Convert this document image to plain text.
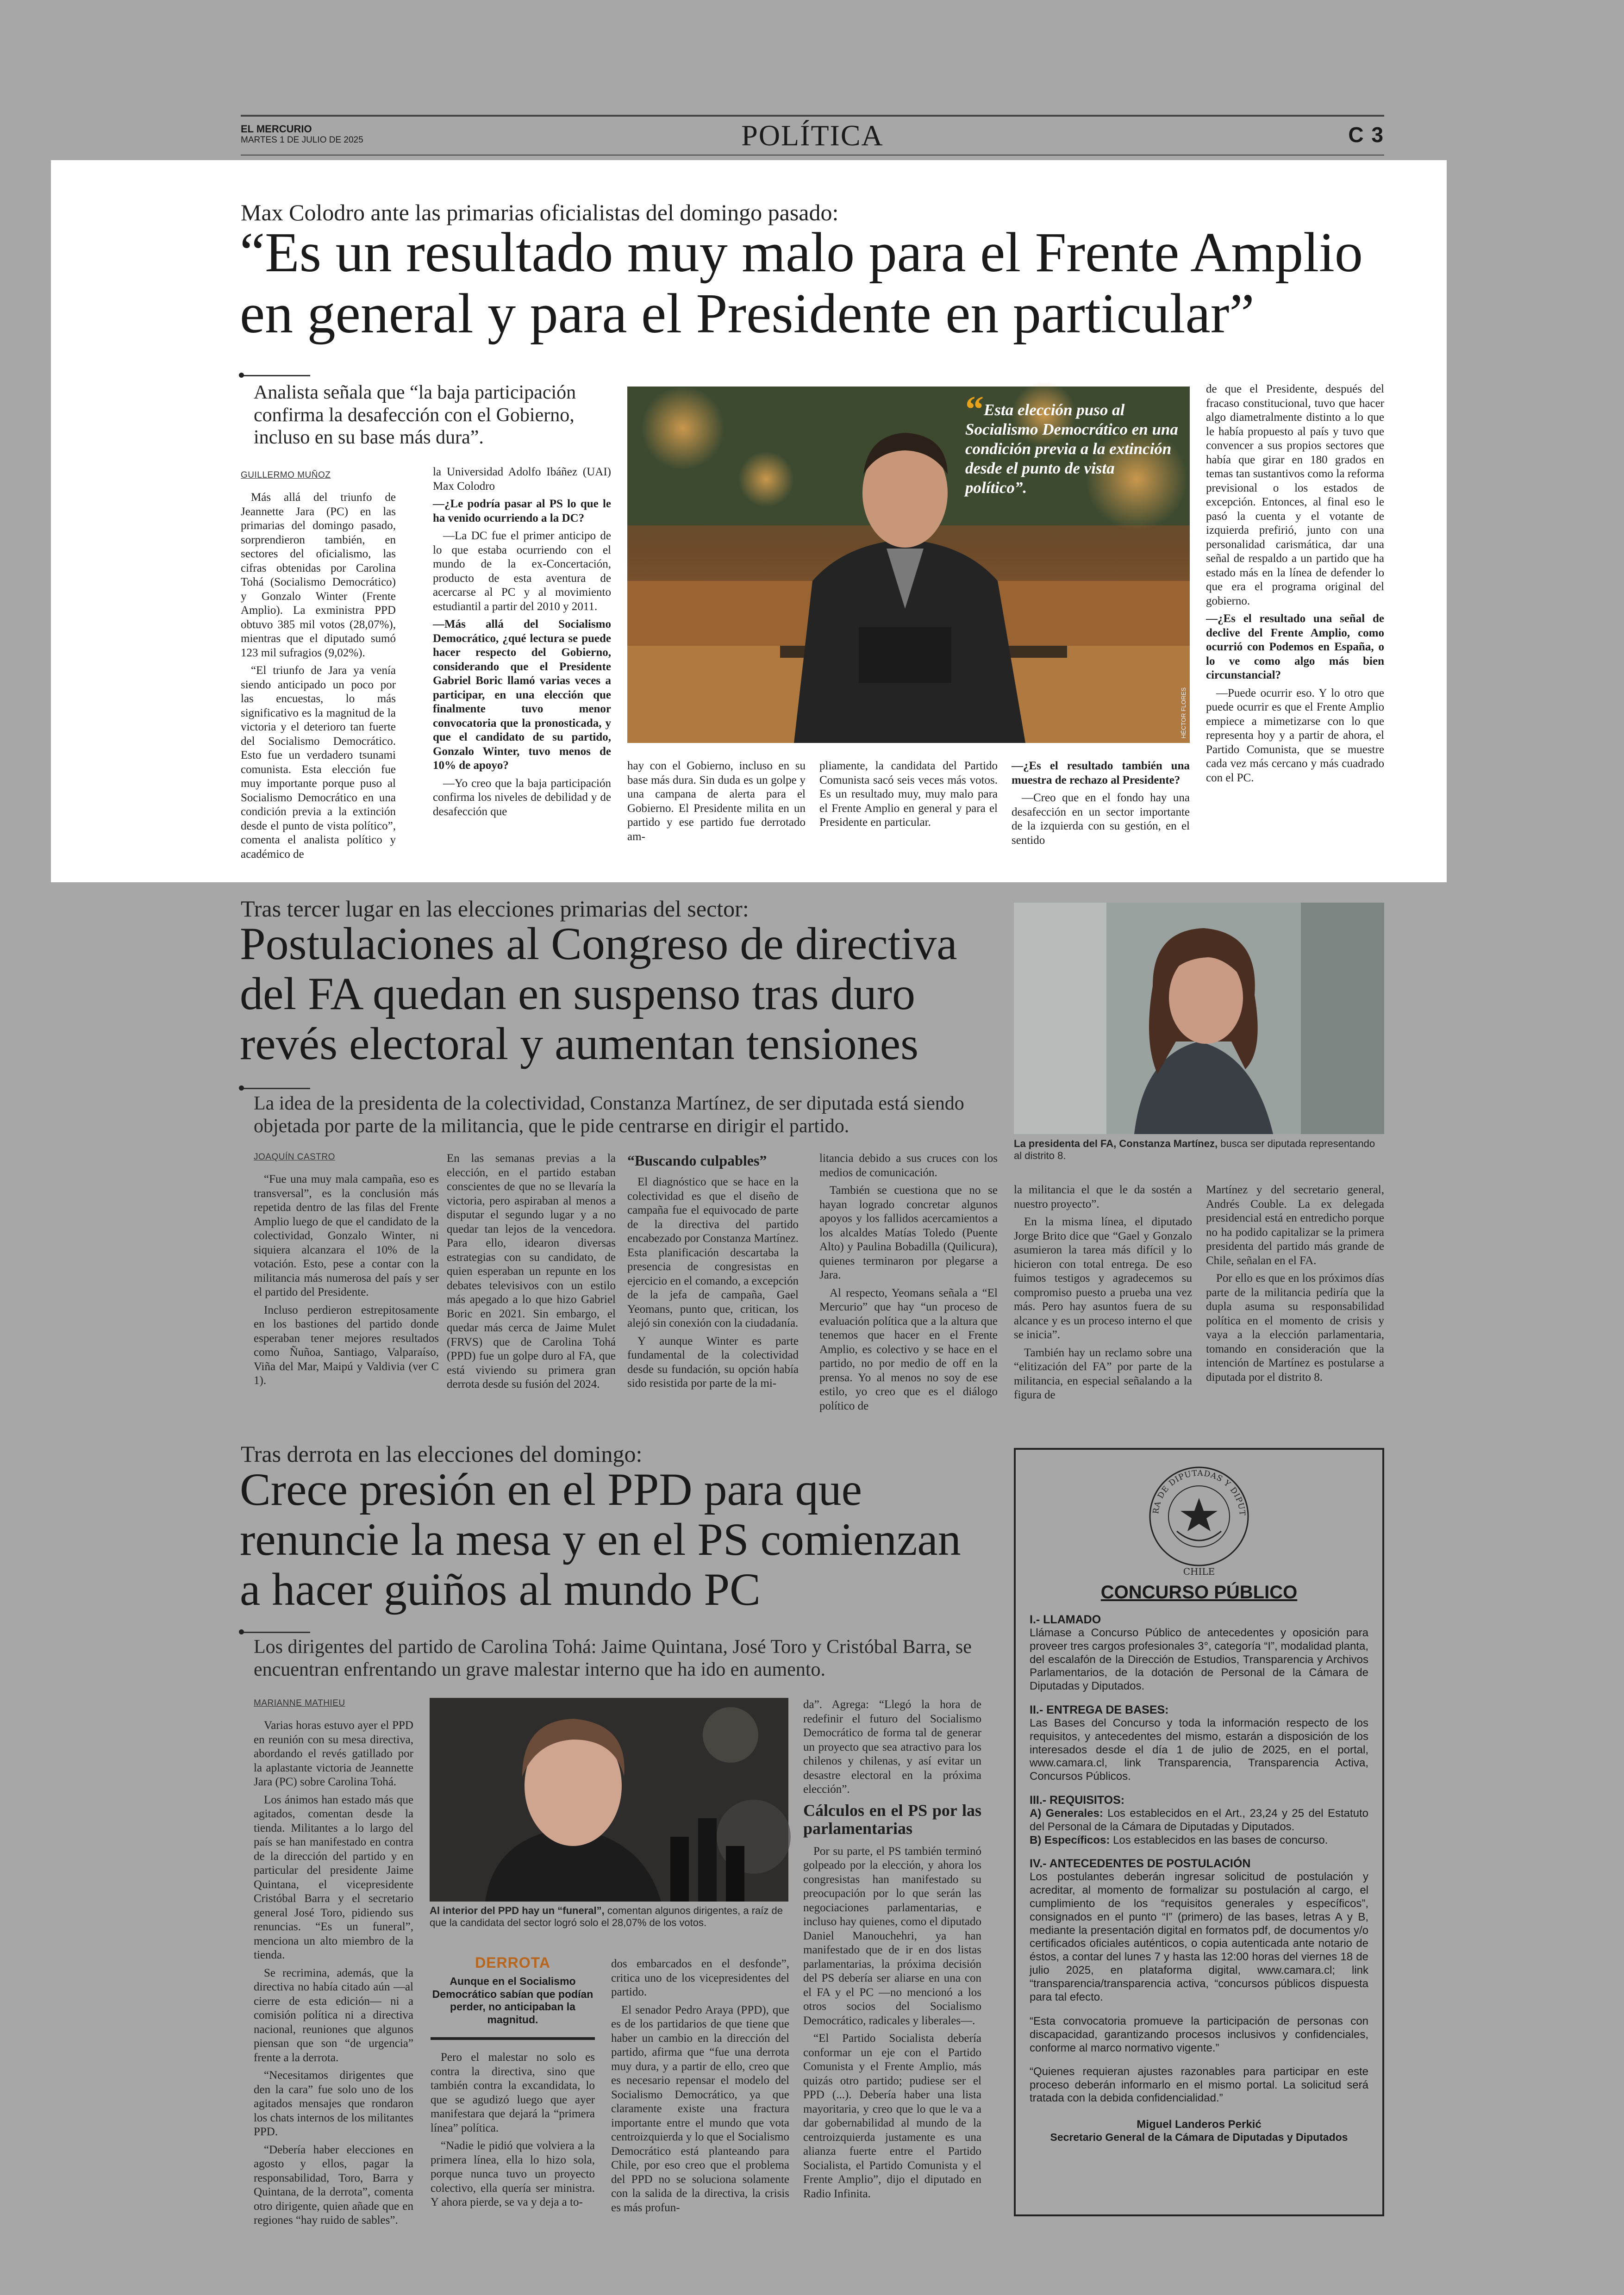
EL MERCURIO
MARTES 1 DE JULIO DE 2025	POLÍTICA	C 3
Max Colodro ante las primarias oficialistas del domingo pasado:
“Es un resultado muy malo para el Frente Amplio
en general y para el Presidente en particular”
Analista señala que “la baja participación confirma la desafección con el Gobierno, incluso en su base más dura”.
“Esta elección puso al Socialismo Democrático en una condición previa a la extinción desde el punto de vista político”.
HÉCTOR FLORES
GUILLERMO MUÑOZ

Más allá del triunfo de Jeannette Jara (PC) en las primarias del domingo pasado, sorprendieron también, en sectores del oficialismo, las cifras obtenidas por Carolina Tohá (Socialismo Democrático) y Gonzalo Winter (Frente Amplio). La exministra PPD obtuvo 385 mil votos (28,07%), mientras que el diputado sumó 123 mil sufragios (9,02%).

“El triunfo de Jara ya venía siendo anticipado un poco por las encuestas, lo más significativo es la magnitud de la victoria y el deterioro tan fuerte del Socialismo Democrático. Esto fue un verdadero tsunami comunista. Esta elección fue muy importante porque puso al Socialismo Democrático en una condición previa a la extinción desde el punto de vista político”, comenta el analista político y académico de

la Universidad Adolfo Ibáñez (UAI) Max Colodro

—¿Le podría pasar al PS lo que le ha venido ocurriendo a la DC?

—La DC fue el primer anticipo de lo que estaba ocurriendo con el mundo de la ex-Concertación, producto de esta aventura de acercarse al PC y al movimiento estudiantil a partir del 2010 y 2011.

—Más allá del Socialismo Democrático, ¿qué lectura se puede hacer respecto del Gobierno, considerando que el Presidente Gabriel Boric llamó varias veces a participar, en una elección que finalmente tuvo menor convocatoria que la pronosticada, y que el candidato de su partido, Gonzalo Winter, tuvo menos de 10% de apoyo?

—Yo creo que la baja participación confirma los niveles de debilidad y de desafección que

hay con el Gobierno, incluso en su base más dura. Sin duda es un golpe y una campana de alerta para el Gobierno. El Presidente milita en un partido y ese partido fue derrotado am-

pliamente, la candidata del Partido Comunista sacó seis veces más votos. Es un resultado muy, muy malo para el Frente Amplio en general y para el Presidente en particular.

—¿Es el resultado también una muestra de rechazo al Presidente?

—Creo que en el fondo hay una desafección en un sector importante de la izquierda con su gestión, en el sentido

de que el Presidente, después del fracaso constitucional, tuvo que hacer algo diametralmente distinto a lo que le había propuesto al país y tuvo que convencer a sus propios sectores que había que girar en 180 grados en temas tan sustantivos como la reforma previsional o los estados de excepción. Entonces, al final eso le pasó la cuenta y el votante de izquierda prefirió, junto con una personalidad carismática, dar una señal de respaldo a un partido que ha estado más en la línea de defender lo que era el programa original del gobierno.

—¿Es el resultado una señal de declive del Frente Amplio, como ocurrió con Podemos en España, o lo ve como algo más bien circunstancial?

—Puede ocurrir eso. Y lo otro que puede ocurrir es que el Frente Amplio empiece a mimetizarse con lo que representa hoy y a partir de ahora, el Partido Comunista, que se muestre cada vez más cercano y más cuadrado con el PC.

Tras tercer lugar en las elecciones primarias del sector:
Postulaciones al Congreso de directiva
del FA quedan en suspenso tras duro
revés electoral y aumentan tensiones
La idea de la presidenta de la colectividad, Constanza Martínez, de ser diputada está siendo objetada por parte de la militancia, que le pide centrarse en dirigir el partido.

La presidenta del FA, Constanza Martínez, busca ser diputada representando al distrito 8.
JOAQUÍN CASTRO

“Fue una muy mala campaña, eso es transversal”, es la conclusión más repetida dentro de las filas del Frente Amplio luego de que el candidato de la colectividad, Gonzalo Winter, ni siquiera alcanzara el 10% de la votación. Esto, pese a contar con la militancia más numerosa del país y ser el partido del Presidente.

Incluso perdieron estrepitosamente en los bastiones del partido donde esperaban tener mejores resultados como Ñuñoa, Santiago, Valparaíso, Viña del Mar, Maipú y Valdivia (ver C 1).

En las semanas previas a la elección, en el partido estaban conscientes de que no se llevaría la victoria, pero aspiraban al menos a disputar el segundo lugar y a no quedar tan lejos de la vencedora. Para ello, idearon diversas estrategias con su candidato, de quien esperaban un repunte en los debates televisivos con un estilo más apegado a lo que hizo Gabriel Boric en 2021. Sin embargo, el quedar más cerca de Jaime Mulet (FRVS) que de Carolina Tohá (PPD) fue un golpe duro al FA, que está viviendo su primera gran derrota desde su fusión del 2024.

“Buscando culpables”

El diagnóstico que se hace en la colectividad es que el diseño de campaña fue el equivocado de parte de la directiva del partido encabezado por Constanza Martínez. Esta planificación descartaba la presencia de congresistas en ejercicio en el comando, a excepción de la jefa de campaña, Gael Yeomans, punto que, critican, los alejó sin conexión con la ciudadanía.

Y aunque Winter es parte fundamental de la colectividad desde su fundación, su opción había sido resistida por parte de la mi-

litancia debido a sus cruces con los medios de comunicación.

También se cuestiona que no se hayan logrado concretar algunos apoyos y los fallidos acercamientos a los alcaldes Matías Toledo (Puente Alto) y Paulina Bobadilla (Quilicura), quienes terminaron por plegarse a Jara.

Al respecto, Yeomans señala a “El Mercurio” que hay “un proceso de evaluación política que a la altura que tenemos que hacer en el Frente Amplio, es colectivo y se hace en el partido, no por medio de off en la prensa. Yo al menos no soy de ese estilo, yo creo que es el diálogo político de

la militancia el que le da sostén a nuestro proyecto”.

En la misma línea, el diputado Jorge Brito dice que “Gael y Gonzalo asumieron la tarea más difícil y lo hicieron con total entrega. De eso fuimos testigos y agradecemos su compromiso puesto a prueba una vez más. Pero hay asuntos fuera de su alcance y es un proceso interno el que se inicia”.

También hay un reclamo sobre una “elitización del FA” por parte de la militancia, en especial señalando a la figura de

Martínez y del secretario general, Andrés Couble. La ex delegada presidencial está en entredicho porque no ha podido capitalizar se la primera presidenta del partido más grande de Chile, señalan en el FA.

Por ello es que en los próximos días parte de la militancia pediría que la dupla asuma su responsabilidad política en el momento de crisis y vaya a la elección parlamentaria, tomando en consideración que la intención de Martínez es postularse a diputada por el distrito 8.

Tras derrota en las elecciones del domingo:
Crece presión en el PPD para que
renuncie la mesa y en el PS comienzan
a hacer guiños al mundo PC
Los dirigentes del partido de Carolina Tohá: Jaime Quintana, José Toro y Cristóbal Barra, se encuentran enfrentando un grave malestar interno que ha ido en aumento.
Al interior del PPD hay un “funeral”, comentan algunos dirigentes, a raíz de que la candidata del sector logró solo el 28,07% de los votos.
MARIANNE MATHIEU

Varias horas estuvo ayer el PPD en reunión con su mesa directiva, abordando el revés gatillado por la aplastante victoria de Jeannette Jara (PC) sobre Carolina Tohá.

Los ánimos han estado más que agitados, comentan desde la tienda. Militantes a lo largo del país se han manifestado en contra de la dirección del partido y en particular del presidente Jaime Quintana, el vicepresidente Cristóbal Barra y el secretario general José Toro, pidiendo sus renuncias. “Es un funeral”, menciona un alto miembro de la tienda.

Se recrimina, además, que la directiva no había citado aún —al cierre de esta edición— ni a comisión política ni a directiva nacional, reuniones que algunos piensan que son “de urgencia” frente a la derrota.

“Necesitamos dirigentes que den la cara” fue solo uno de los agitados mensajes que rondaron los chats internos de los militantes PPD.

“Debería haber elecciones en agosto y ellos, pagar la responsabilidad, Toro, Barra y Quintana, de la derrota”, comenta otro dirigente, quien añade que en regiones “hay ruido de sables”.

DERROTA
Aunque en el Socialismo Democrático sabían que podían perder, no anticipaban la magnitud.

Pero el malestar no solo es contra la directiva, sino que también contra la excandidata, lo que se agudizó luego que ayer manifestara que dejará la “primera línea” política.

“Nadie le pidió que volviera a la primera línea, ella lo hizo sola, porque nunca tuvo un proyecto colectivo, ella quería ser ministra. Y ahora pierde, se va y deja a to-

dos embarcados en el desfonde”, critica uno de los vicepresidentes del partido.

El senador Pedro Araya (PPD), que es de los partidarios de que tiene que haber un cambio en la dirección del partido, afirma que “fue una derrota muy dura, y a partir de ello, creo que es necesario repensar el modelo del Socialismo Democrático, ya que claramente existe una fractura importante entre el mundo que vota centroizquierda y lo que el Socialismo Democrático está planteando para Chile, por eso creo que el problema del PPD no se soluciona solamente con la salida de la directiva, la crisis es más profun-

da”. Agrega: “Llegó la hora de redefinir el futuro del Socialismo Democrático de forma tal de generar un proyecto que sea atractivo para los chilenos y chilenas, y así evitar un desastre electoral en la próxima elección”.

Cálculos en el PS por las parlamentarias

Por su parte, el PS también terminó golpeado por la elección, y ahora los congresistas han manifestado su preocupación por lo que serán las negociaciones parlamentarias, e incluso hay quienes, como el diputado Daniel Manouchehri, ya han manifestado que de ir en dos listas parlamentarias, la próxima decisión del PS debería ser aliarse en una con el FA y el PC —no mencionó a los otros socios del Socialismo Democrático, radicales y liberales—.

“El Partido Socialista debería conformar un eje con el Partido Comunista y el Frente Amplio, más quizás otro partido; pudiese ser el PPD (...). Debería haber una lista mayoritaria, y creo que lo que le va a dar gobernabilidad al mundo de la centroizquierda justamente es una alianza fuerte entre el Partido Socialista, el Partido Comunista y el Frente Amplio”, dijo el diputado en Radio Infinita.

RA DE DIPUTADAS Y DIPUT
CHILE
CONCURSO PÚBLICO
I.- LLAMADO
Llámase a Concurso Público de antecedentes y oposición para proveer tres cargos profesionales 3°, categoría “I”, modalidad planta, del escalafón de la Dirección de Estudios, Transparencia y Archivos Parlamentarios, de la dotación de Personal de la Cámara de Diputadas y Diputados.
II.- ENTREGA DE BASES:
Las Bases del Concurso y toda la información respecto de los requisitos, y antecedentes del mismo, estarán a disposición de los interesados desde el día 1 de julio de 2025, en el portal, www.camara.cl, link Transparencia, Transparencia Activa, Concursos Públicos.
III.- REQUISITOS:
A) Generales: Los establecidos en el Art., 23,24 y 25 del Estatuto del Personal de la Cámara de Diputadas y Diputados.
B) Específicos: Los establecidos en las bases de concurso.
IV.- ANTECEDENTES DE POSTULACIÓN
Los postulantes deberán ingresar solicitud de postulación y acreditar, al momento de formalizar su postulación al cargo, el cumplimiento de los “requisitos generales y específicos”, consignados en el punto “I” (primero) de las bases, letras A y B, mediante la presentación digital en formatos pdf, de documentos y/o certificados oficiales auténticos, o copia autenticada ante notario de éstos, a contar del lunes 7 y hasta las 12:00 horas del viernes 18 de julio 2025, en plataforma digital, www.camara.cl; link “transparencia/transparencia activa, “concursos públicos dispuesta para tal efecto.
“Esta convocatoria promueve la participación de personas con discapacidad, garantizando procesos inclusivos y confidenciales, conforme al marco normativo vigente.”
“Quienes requieran ajustes razonables para participar en este proceso deberán informarlo en el mismo portal. La solicitud será tratada con la debida confidencialidad.”
Miguel Landeros Perkić
Secretario General de la Cámara de Diputadas y Diputados
